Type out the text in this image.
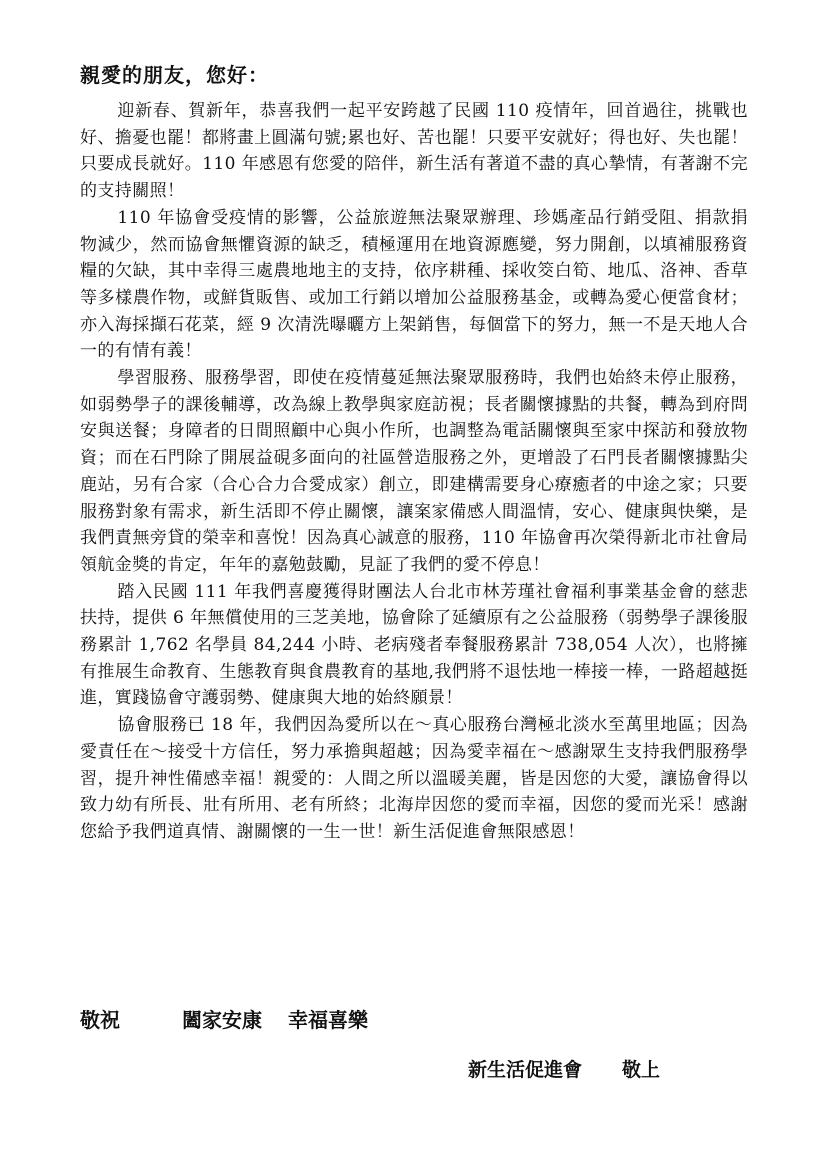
親愛的朋友，您好：

迎新春、賀新年，恭喜我們一起平安跨越了民國 110 疫情年，回首過往，挑戰也好、擔憂也罷！都將畫上圓滿句號;累也好、苦也罷！只要平安就好；得也好、失也罷！只要成長就好。110 年感恩有您愛的陪伴，新生活有著道不盡的真心摯情，有著謝不完的支持關照！

110 年協會受疫情的影響，公益旅遊無法聚眾辦理、珍媽產品行銷受阻、捐款捐物減少，然而協會無懼資源的缺乏，積極運用在地資源應變，努力開創，以填補服務資糧的欠缺，其中幸得三處農地地主的支持，依序耕種、採收筊白筍、地瓜、洛神、香草等多樣農作物，或鮮貨販售、或加工行銷以增加公益服務基金，或轉為愛心便當食材；亦入海採擷石花菜，經 9 次清洗曝曬方上架銷售，每個當下的努力，無一不是天地人合一的有情有義！

學習服務、服務學習，即使在疫情蔓延無法聚眾服務時，我們也始終未停止服務，如弱勢學子的課後輔導，改為線上教學與家庭訪視；長者關懷據點的共餐，轉為到府問安與送餐；身障者的日間照顧中心與小作所，也調整為電話關懷與至家中探訪和發放物資；而在石門除了開展益硯多面向的社區營造服務之外，更增設了石門長者關懷據點尖鹿站，另有合家（合心合力合愛成家）創立，即建構需要身心療癒者的中途之家；只要服務對象有需求，新生活即不停止關懷，讓案家備感人間溫情，安心、健康與快樂，是我們責無旁貸的榮幸和喜悅！因為真心誠意的服務，110 年協會再次榮得新北市社會局領航金獎的肯定，年年的嘉勉鼓勵，見証了我們的愛不停息！

踏入民國 111 年我們喜慶獲得財團法人台北市林芳瑾社會福利事業基金會的慈悲扶持，提供 6 年無償使用的三芝美地，協會除了延續原有之公益服務（弱勢學子課後服務累計 1,762 名學員 84,244 小時、老病殘者奉餐服務累計 738,054 人次），也將擁有推展生命教育、生態教育與食農教育的基地,我們將不退怯地一棒接一棒，一路超越挺進，實踐協會守護弱勢、健康與大地的始終願景！

協會服務已 18 年，我們因為愛所以在～真心服務台灣極北淡水至萬里地區；因為愛責任在～接受十方信任，努力承擔與超越；因為愛幸福在～感謝眾生支持我們服務學習，提升神性備感幸福！親愛的：人間之所以溫暖美麗，皆是因您的大愛，讓協會得以致力幼有所長、壯有所用、老有所終；北海岸因您的愛而幸福，因您的愛而光采！感謝您給予我們道真情、謝關懷的一生一世！新生活促進會無限感恩！

敬祝	闔家安康 幸福喜樂
新生活促進會 敬上
